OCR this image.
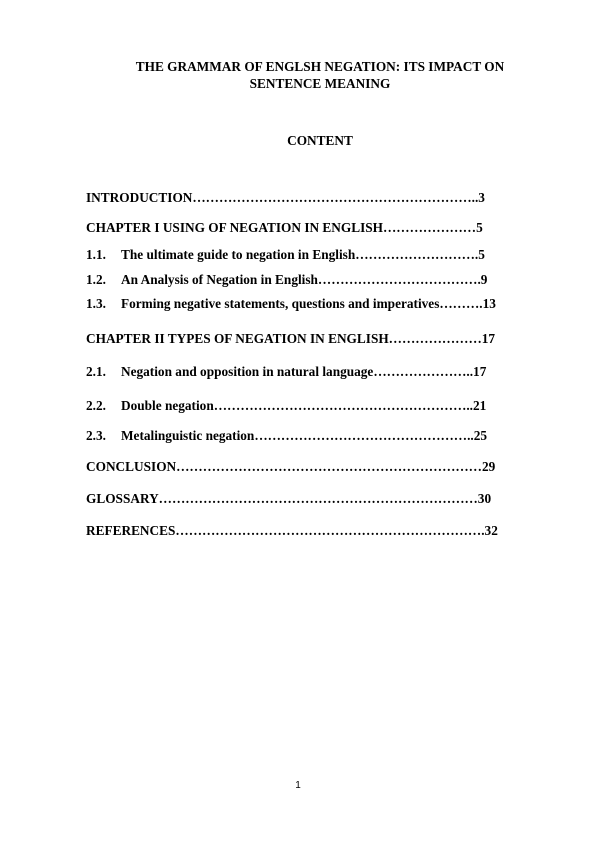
THE GRAMMAR OF ENGLSH NEGATION: ITS IMPACT ON
SENTENCE MEANING
CONTENT
INTRODUCTION………………………………………………………..3
CHAPTER I USING OF NEGATION IN ENGLISH…………………5
1.1. The ultimate guide to negation in English……………………….5
1.2. An Analysis of Negation in English……………………………….9
1.3. Forming negative statements, questions and imperatives……….13
CHAPTER II TYPES OF NEGATION IN ENGLISH…………………17
2.1. Negation and opposition in natural language…………………..17
2.2. Double negation…………………………………………………..21
2.3. Metalinguistic negation…………………………………………..25
CONCLUSION……………………………………………………………29
GLOSSARY………………………………………………………………30
REFERENCES…………………………………………………………….32
1
